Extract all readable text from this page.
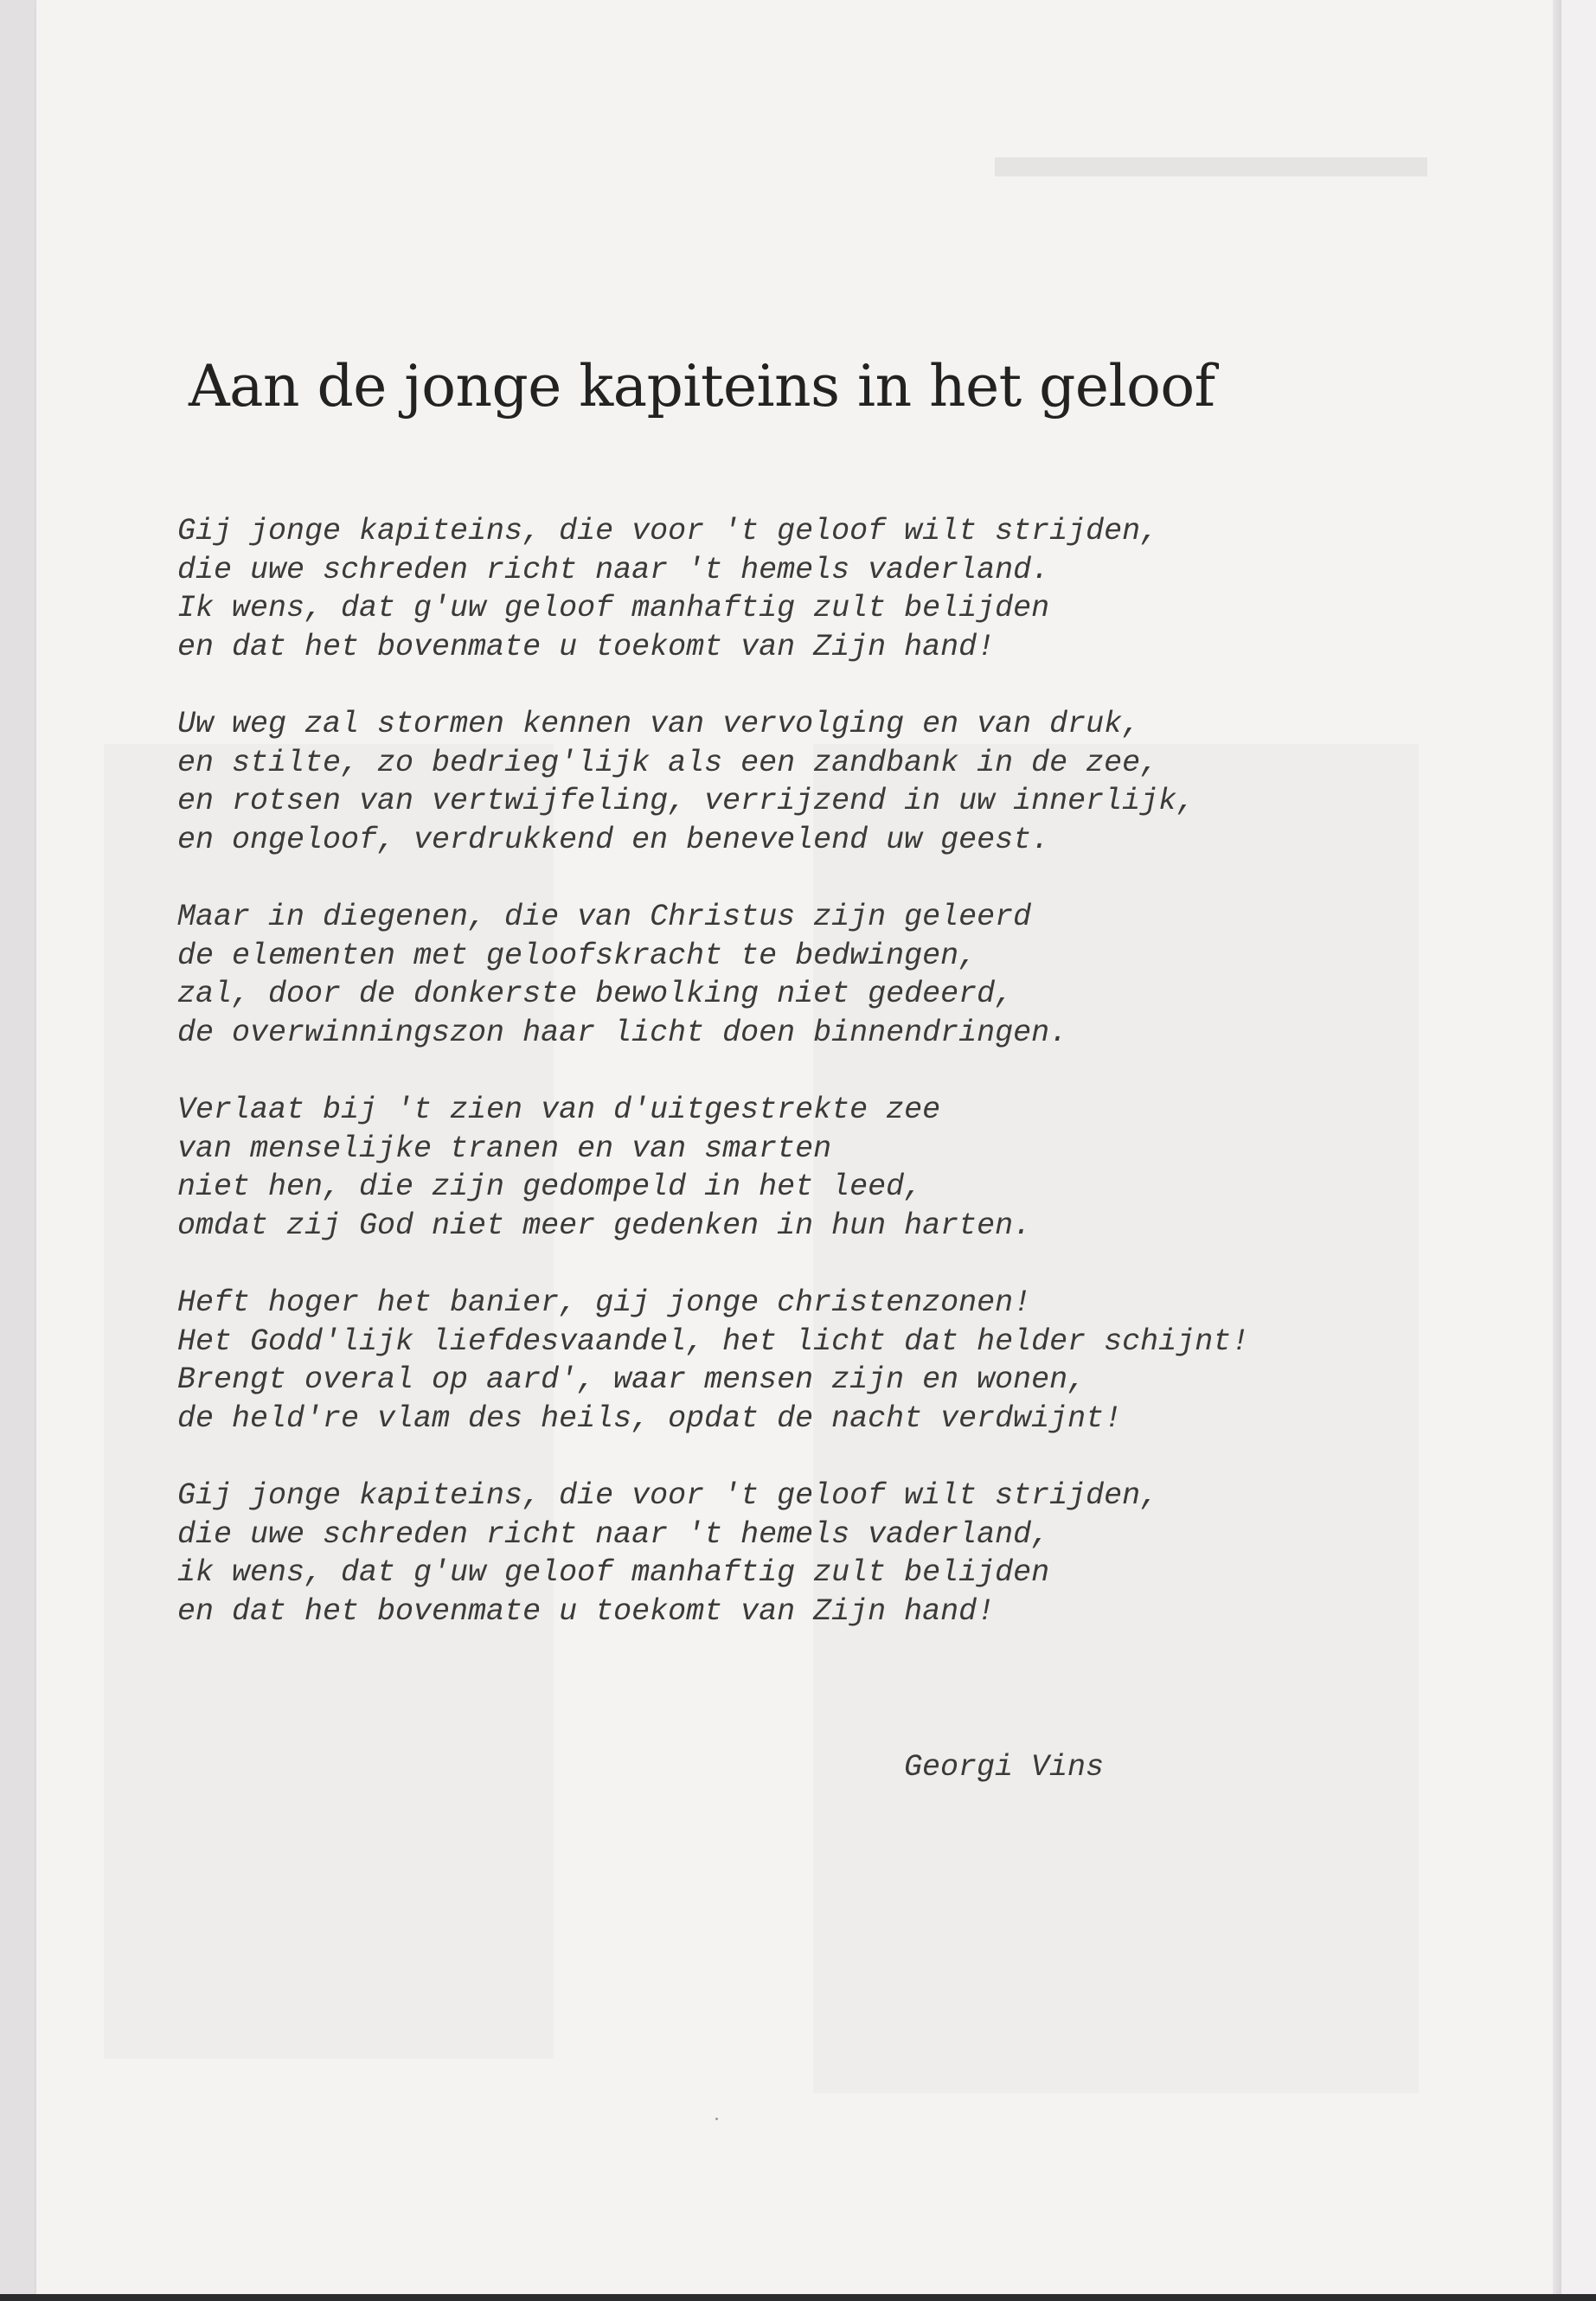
Aan de jonge kapiteins in het geloof
Gij jonge kapiteins, die voor 't geloof wilt strijden,
die uwe schreden richt naar 't hemels vaderland.
Ik wens, dat g'uw geloof manhaftig zult belijden
en dat het bovenmate u toekomt van Zijn hand!
Uw weg zal stormen kennen van vervolging en van druk,
en stilte, zo bedrieg'lijk als een zandbank in de zee,
en rotsen van vertwijfeling, verrijzend in uw innerlijk,
en ongeloof, verdrukkend en benevelend uw geest.
Maar in diegenen, die van Christus zijn geleerd
de elementen met geloofskracht te bedwingen,
zal, door de donkerste bewolking niet gedeerd,
de overwinningszon haar licht doen binnendringen.
Verlaat bij 't zien van d'uitgestrekte zee
van menselijke tranen en van smarten
niet hen, die zijn gedompeld in het leed,
omdat zij God niet meer gedenken in hun harten.
Heft hoger het banier, gij jonge christenzonen!
Het Godd'lijk liefdesvaandel, het licht dat helder schijnt!
Brengt overal op aard', waar mensen zijn en wonen,
de held're vlam des heils, opdat de nacht verdwijnt!
Gij jonge kapiteins, die voor 't geloof wilt strijden,
die uwe schreden richt naar 't hemels vaderland,
ik wens, dat g'uw geloof manhaftig zult belijden
en dat het bovenmate u toekomt van Zijn hand!
Georgi Vins
